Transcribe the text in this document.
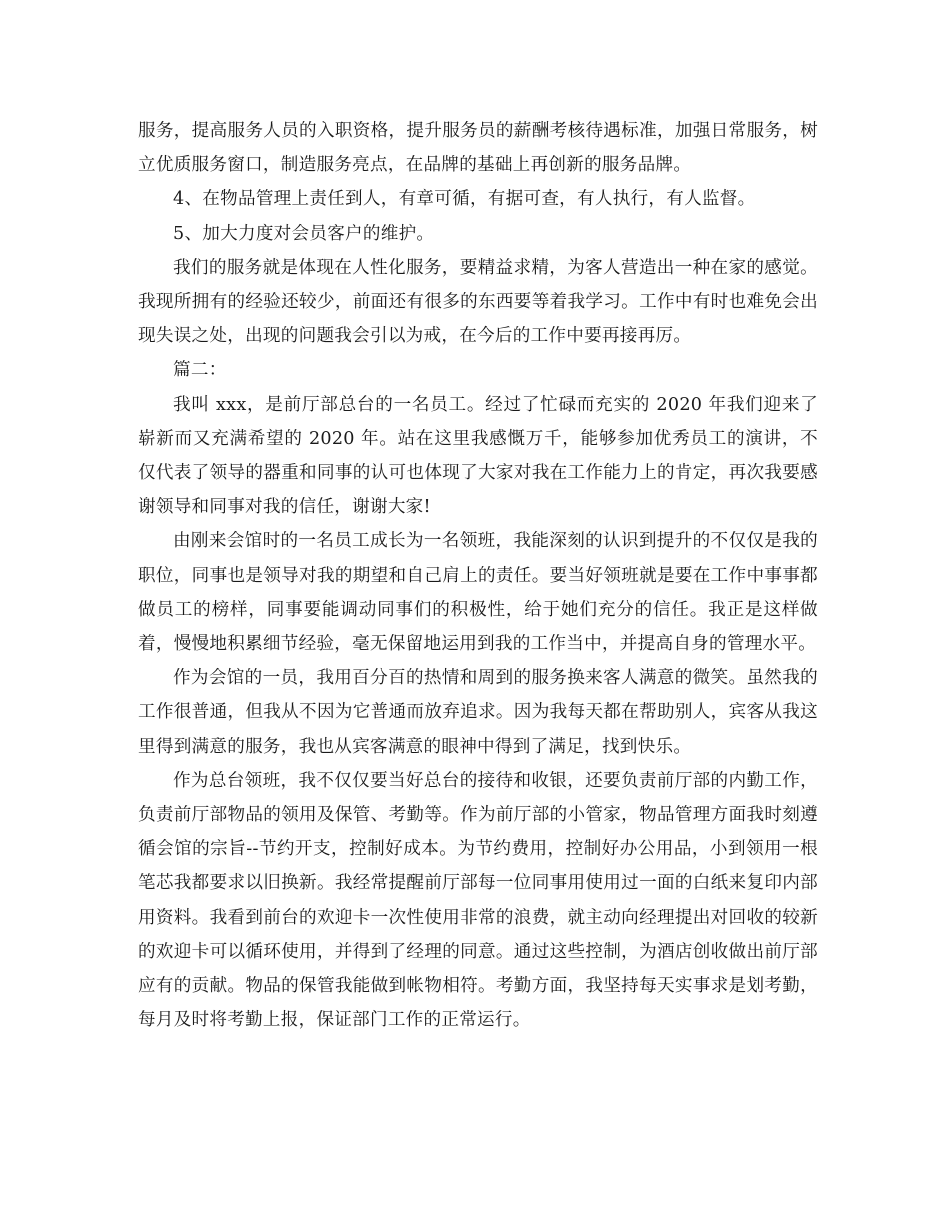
服务，提高服务人员的入职资格，提升服务员的薪酬考核待遇标准，加强日常服务，树立优质服务窗口，制造服务亮点，在品牌的基础上再创新的服务品牌。

4、在物品管理上责任到人，有章可循，有据可查，有人执行，有人监督。

5、加大力度对会员客户的维护。

我们的服务就是体现在人性化服务，要精益求精，为客人营造出一种在家的感觉。我现所拥有的经验还较少，前面还有很多的东西要等着我学习。工作中有时也难免会出现失误之处，出现的问题我会引以为戒，在今后的工作中要再接再厉。

篇二：

我叫 xxx，是前厅部总台的一名员工。经过了忙碌而充实的 2020 年我们迎来了崭新而又充满希望的 2020 年。站在这里我感慨万千，能够参加优秀员工的演讲，不仅代表了领导的器重和同事的认可也体现了大家对我在工作能力上的肯定，再次我要感谢领导和同事对我的信任，谢谢大家!

由刚来会馆时的一名员工成长为一名领班，我能深刻的认识到提升的不仅仅是我的职位，同事也是领导对我的期望和自己肩上的责任。要当好领班就是要在工作中事事都做员工的榜样，同事要能调动同事们的积极性，给于她们充分的信任。我正是这样做着，慢慢地积累细节经验，毫无保留地运用到我的工作当中，并提高自身的管理水平。

作为会馆的一员，我用百分百的热情和周到的服务换来客人满意的微笑。虽然我的工作很普通，但我从不因为它普通而放弃追求。因为我每天都在帮助别人，宾客从我这里得到满意的服务，我也从宾客满意的眼神中得到了满足，找到快乐。

作为总台领班，我不仅仅要当好总台的接待和收银，还要负责前厅部的内勤工作，负责前厅部物品的领用及保管、考勤等。作为前厅部的小管家，物品管理方面我时刻遵循会馆的宗旨--节约开支，控制好成本。为节约费用，控制好办公用品，小到领用一根笔芯我都要求以旧换新。我经常提醒前厅部每一位同事用使用过一面的白纸来复印内部用资料。我看到前台的欢迎卡一次性使用非常的浪费，就主动向经理提出对回收的较新的欢迎卡可以循环使用，并得到了经理的同意。通过这些控制，为酒店创收做出前厅部应有的贡献。物品的保管我能做到帐物相符。考勤方面，我坚持每天实事求是划考勤，每月及时将考勤上报，保证部门工作的正常运行。
